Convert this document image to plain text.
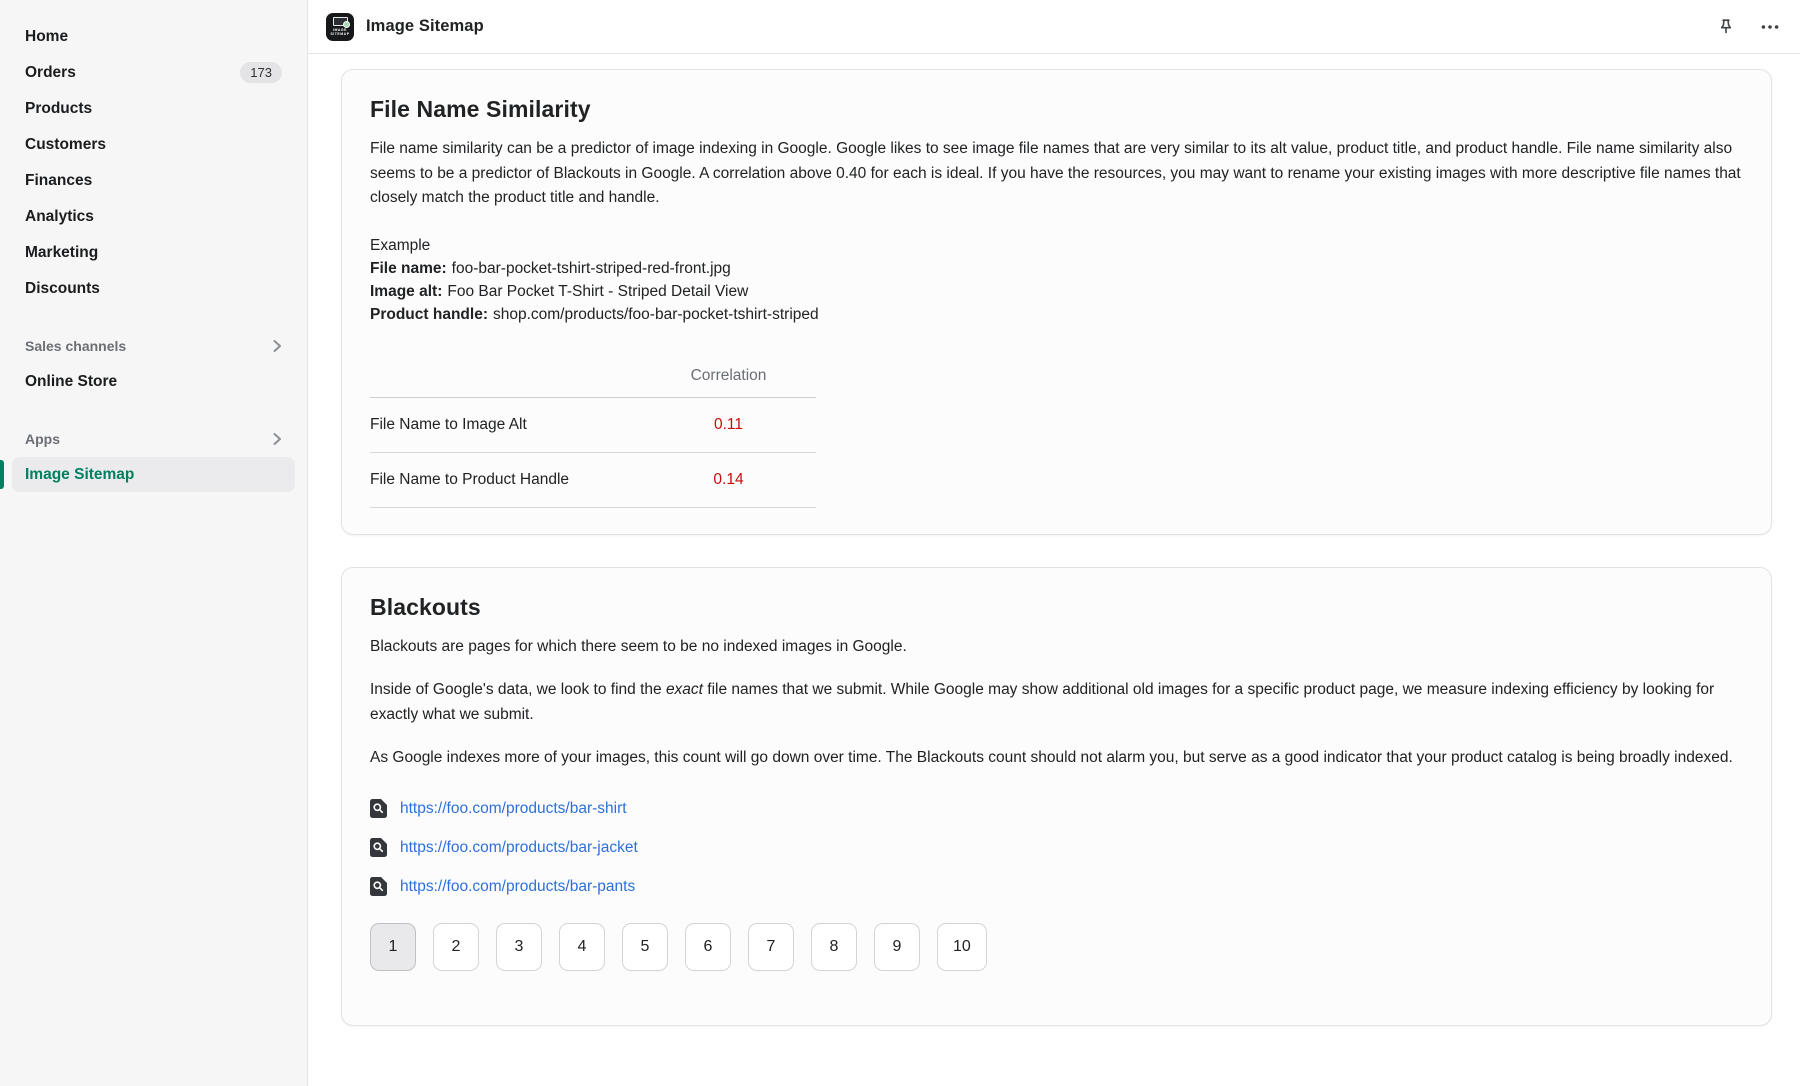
Home
Orders	173
Products
Customers
Finances
Analytics
Marketing
Discounts
Sales channels
Online Store
Apps
Image Sitemap
IMAGE
SITEMAP Image Sitemap
File Name Similarity

File name similarity can be a predictor of image indexing in Google. Google likes to see image file names that are very similar to its alt value, product title, and product handle. File name similarity also seems to be a predictor of Blackouts in Google. A correlation above 0.40 for each is ideal. If you have the resources, you may want to rename your existing images with more descriptive file names that closely match the product title and handle.

Example
File name: foo-bar-pocket-tshirt-striped-red-front.jpg
Image alt: Foo Bar Pocket T-Shirt - Striped Detail View
Product handle: shop.com/products/foo-bar-pocket-tshirt-striped
Correlation
File Name to Image Alt	0.11
File Name to Product Handle	0.14
Blackouts

Blackouts are pages for which there seem to be no indexed images in Google.

Inside of Google's data, we look to find the exact file names that we submit. While Google may show additional old images for a specific product page, we measure indexing efficiency by looking for exactly what we submit.

As Google indexes more of your images, this count will go down over time. The Blackouts count should not alarm you, but serve as a good indicator that your product catalog is being broadly indexed.

https://foo.com/products/bar-shirt
https://foo.com/products/bar-jacket
https://foo.com/products/bar-pants
1	2	3	4	5	6	7	8	9	10
